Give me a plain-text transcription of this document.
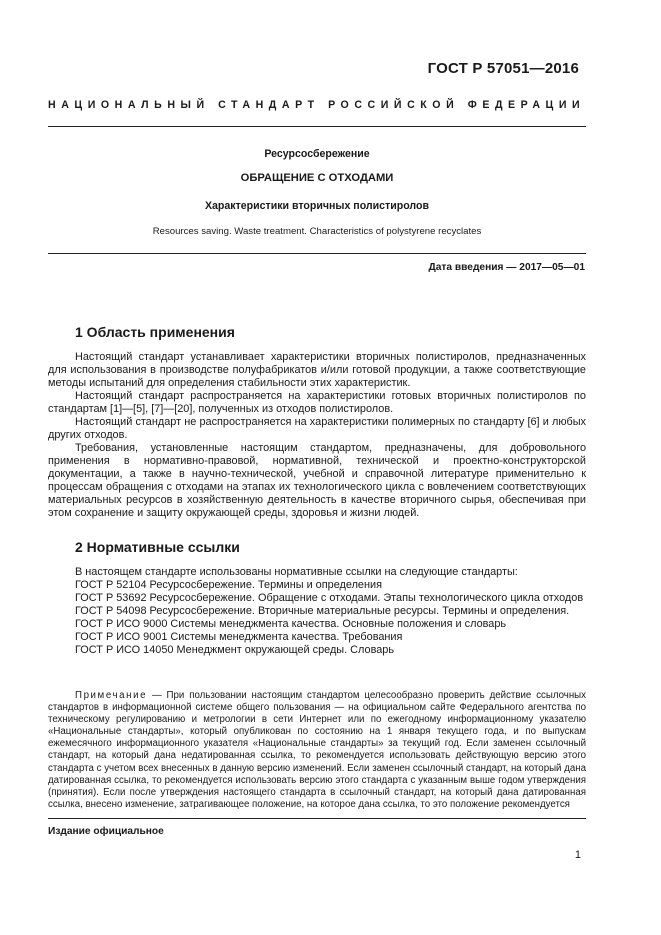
ГОСТ Р 57051—2016
НАЦИОНАЛЬНЫЙ СТАНДАРТ РОССИЙСКОЙ ФЕДЕРАЦИИ
Ресурсосбережение
ОБРАЩЕНИЕ С ОТХОДАМИ
Характеристики вторичных полистиролов
Resources saving. Waste treatment. Characteristics of polystyrene recyclates
Дата введения — 2017—05—01
1 Область применения

Настоящий стандарт устанавливает характеристики вторичных полистиролов, предназначенных для использования в производстве полуфабрикатов и/или готовой продукции, а также соответствующие методы испытаний для определения стабильности этих характеристик.

Настоящий стандарт распространяется на характеристики готовых вторичных полистиролов по стандартам [1]—[5], [7]—[20], полученных из отходов полистиролов.

Настоящий стандарт не распространяется на характеристики полимерных по стандарту [6] и любых других отходов.

Требования, установленные настоящим стандартом, предназначены, для добровольного применения в нормативно-правовой, нормативной, технической и проектно-конструкторской документации, а также в научно-технической, учебной и справочной литературе применительно к процессам обращения с отходами на этапах их технологического цикла с вовлечением соответствующих материальных ресурсов в хозяйственную деятельность в качестве вторичного сырья, обеспечивая при этом сохранение и защиту окружающей среды, здоровья и жизни людей.

2 Нормативные ссылки

В настоящем стандарте использованы нормативные ссылки на следующие стандарты:

ГОСТ Р 52104 Ресурсосбережение. Термины и определения

ГОСТ Р 53692 Ресурсосбережение. Обращение с отходами. Этапы технологического цикла отходов

ГОСТ Р 54098 Ресурсосбережение. Вторичные материальные ресурсы. Термины и определения.

ГОСТ Р ИСО 9000 Системы менеджмента качества. Основные положения и словарь

ГОСТ Р ИСО 9001 Системы менеджмента качества. Требования

ГОСТ Р ИСО 14050 Менеджмент окружающей среды. Словарь

Примечание — При пользовании настоящим стандартом целесообразно проверить действие ссылочных стандартов в информационной системе общего пользования — на официальном сайте Федерального агентства по техническому регулированию и метрологии в сети Интернет или по ежегодному информационному указателю «Национальные стандарты», который опубликован по состоянию на 1 января текущего года, и по выпускам ежемесячного информационного указателя «Национальные стандарты» за текущий год. Если заменен ссылочный стандарт, на который дана недатированная ссылка, то рекомендуется использовать действующую версию этого стандарта с учетом всех внесенных в данную версию изменений. Если заменен ссылочный стандарт, на который дана датированная ссылка, то рекомендуется использовать версию этого стандарта с указанным выше годом утверждения (принятия). Если после утверждения настоящего стандарта в ссылочный стандарт, на который дана датированная ссылка, внесено изменение, затрагивающее положение, на которое дана ссылка, то это положение рекомендуется

Издание официальное
1
